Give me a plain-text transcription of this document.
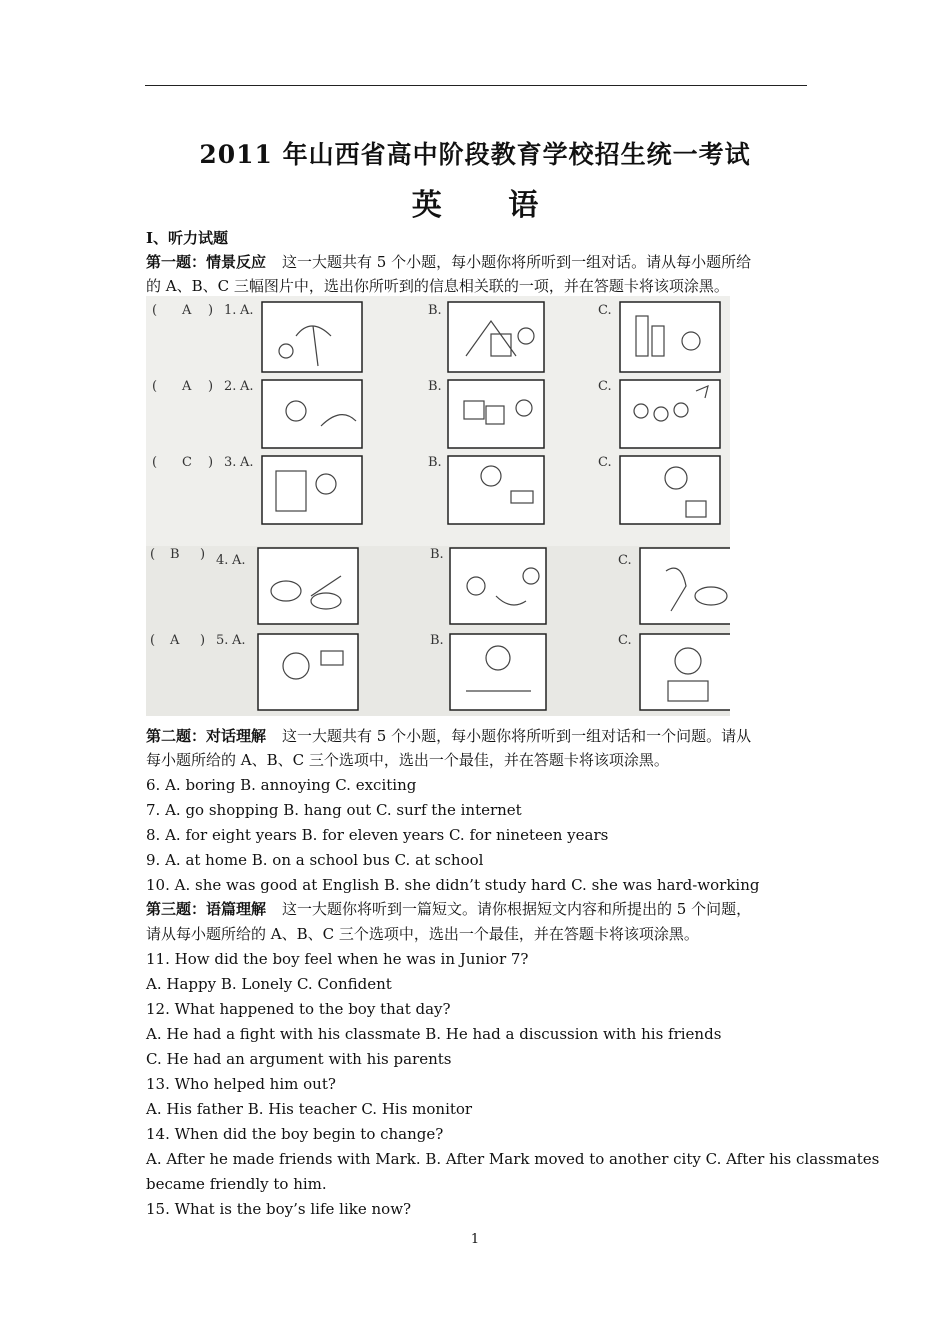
2011 年山西省高中阶段教育学校招生统一考试
英 语
I、听力试题
第一题：情景反应 这一大题共有 5 个小题，每小题你将所听到一组对话。请从每小题所给
的 A、B、C 三幅图片中，选出你所听到的信息相关联的一项，并在答题卡将该项涂黑。
( A ) 1. A.	B.	C.
( A ) 2. A.	B.	C.
( C ) 3. A.	B.	C.
( B ) 4. A.	B.	C.
( A ) 5. A.	B.	C.
第二题：对话理解 这一大题共有 5 个小题，每小题你将所听到一组对话和一个问题。请从
每小题所给的 A、B、C 三个选项中，选出一个最佳，并在答题卡将该项涂黑。
6. A. boring B. annoying C. exciting
7. A. go shopping B. hang out C. surf the internet
8. A. for eight years B. for eleven years C. for nineteen years
9. A. at home B. on a school bus C. at school
10. A. she was good at English B. she didn’t study hard C. she was hard-working
第三题：语篇理解 这一大题你将听到一篇短文。请你根据短文内容和所提出的 5 个问题，
请从每小题所给的 A、B、C 三个选项中，选出一个最佳，并在答题卡将该项涂黑。
11. How did the boy feel when he was in Junior 7?
A. Happy B. Lonely C. Confident
12. What happened to the boy that day?
A. He had a fight with his classmate B. He had a discussion with his friends
C. He had an argument with his parents
13. Who helped him out?
A. His father B. His teacher C. His monitor
14. When did the boy begin to change?
A. After he made friends with Mark. B. After Mark moved to another city C. After his classmates
became friendly to him.
15. What is the boy’s life like now?
1
